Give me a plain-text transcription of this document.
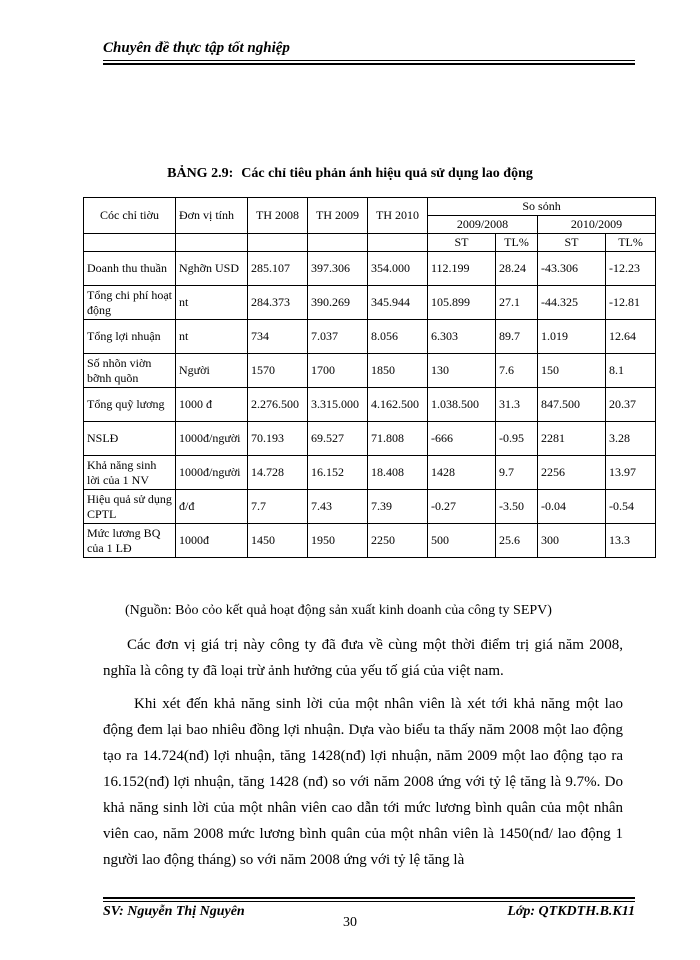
Chuyên đề thực tập tốt nghiệp
BẢNG 2.9: Các chỉ tiêu phản ánh hiệu quả sử dụng lao động
Cóc chỉ tiờu	Đơn vị tính	TH 2008	TH 2009	TH 2010	So sỏnh			
					2009/2008		2010/2009	
					ST	TL%	ST	TL%
Doanh thu thuần	Nghỡn USD	285.107	397.306	354.000	112.199	28.24	-43.306	-12.23
Tổng chi phí hoạt động	nt	284.373	390.269	345.944	105.899	27.1	-44.325	-12.81
Tổng lợi nhuận	nt	734	7.037	8.056	6.303	89.7	1.019	12.64
Số nhõn viờn bỡnh quõn	Người	1570	1700	1850	130	7.6	150	8.1
Tổng quỹ lương	1000 đ	2.276.500	3.315.000	4.162.500	1.038.500	31.3	847.500	20.37
NSLĐ	1000đ/người	70.193	69.527	71.808	-666	-0.95	2281	3.28
Khả năng sinh lời của 1 NV	1000đ/người	14.728	16.152	18.408	1428	9.7	2256	13.97
Hiệu quả sử dụng CPTL	đ/đ	7.7	7.43	7.39	-0.27	-3.50	-0.04	-0.54
Mức lương BQ của 1 LĐ	1000đ	1450	1950	2250	500	25.6	300	13.3
(Nguồn: Bỏo cỏo kết quả hoạt động sản xuất kinh doanh của công ty SEPV)
Các đơn vị giá trị này công ty đã đưa về cùng một thời điểm trị giá năm 2008, nghĩa là công ty đã loại trừ ảnh hưởng của yếu tố giá của việt nam.
Khi xét đến khả năng sinh lời của một nhân viên là xét tới khả năng một lao động đem lại bao nhiêu đồng lợi nhuận. Dựa vào biểu ta thấy năm 2008 một lao động tạo ra 14.724(nđ) lợi nhuận, tăng 1428(nđ) lợi nhuận, năm 2009 một lao động tạo ra 16.152(nđ) lợi nhuận, tăng 1428 (nđ) so với năm 2008 ứng với tỷ lệ tăng là 9.7%. Do khả năng sinh lời của một nhân viên cao dẫn tới mức lương bình quân của một nhân viên cao, năm 2008 mức lương bình quân của một nhân viên là 1450(nđ/ lao động 1 người lao động tháng) so với năm 2008 ứng với tỷ lệ tăng là
SV: Nguyễn Thị Nguyên
30
Lớp: QTKDTH.B.K11
